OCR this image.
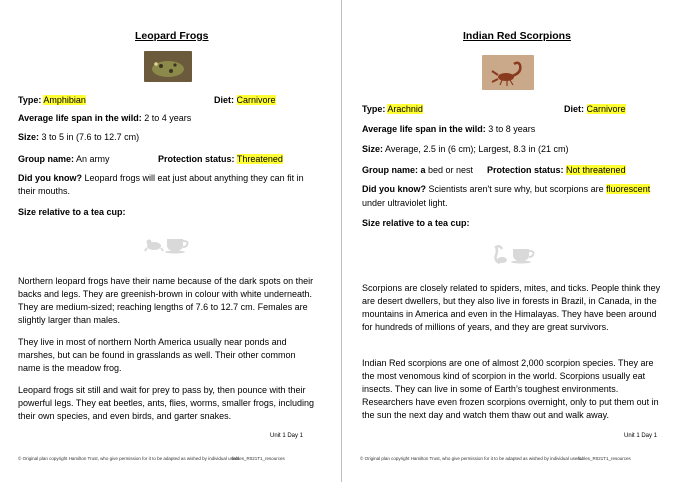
Leopard Frogs
Type: Amphibian	Diet: Carnivore
Average life span in the wild: 2 to 4 years
Size: 3 to 5 in (7.6 to 12.7 cm)
Group name: An army	Protection status: Threatened
Did you know? Leopard frogs will eat just about anything they can fit in
their mouths.
Size relative to a tea cup:
Northern leopard frogs have their name because of the dark spots on their backs and legs. They are greenish-brown in colour with white underneath. They are medium-sized; reaching lengths of 7.6 to 12.7 cm. Females are slightly larger than males.
They live in most of northern North America usually near ponds and marshes, but can be found in grasslands as well. Their other common name is the meadow frog.
Leopard frogs sit still and wait for prey to pass by, then pounce with their powerful legs. They eat beetles, ants, flies, worms, smaller frogs, including their own species, and even birds, and garter snakes.
Unit 1 Day 1
© Original plan copyright Hamilton Trust, who give permission for it to be adapted as wished by individual users.
fables_R021T1_resources
Indian Red Scorpions
Type: Arachnid	Diet: Carnivore
Average life span in the wild: 3 to 8 years
Size: Average, 2.5 in (6 cm); Largest, 8.3 in (21 cm)
Group name: a bed or nest Protection status: Not threatened
Did you know? Scientists aren't sure why, but scorpions are fluorescent
under ultraviolet light.
Size relative to a tea cup:
Scorpions are closely related to spiders, mites, and ticks. People think they are desert dwellers, but they also live in forests in Brazil, in Canada, in the mountains in America and even in the Himalayas. They have been around for hundreds of millions of years, and they are great survivors.
Indian Red scorpions are one of almost 2,000 scorpion species. They are the most venomous kind of scorpion in the world. Scorpions usually eat insects. They can live in some of Earth’s toughest environments. Researchers have even frozen scorpions overnight, only to put them out in the sun the next day and watch them thaw out and walk away.
Unit 1 Day 1
© Original plan copyright Hamilton Trust, who give permission for it to be adapted as wished by individual users.
fables_R021T1_resources
